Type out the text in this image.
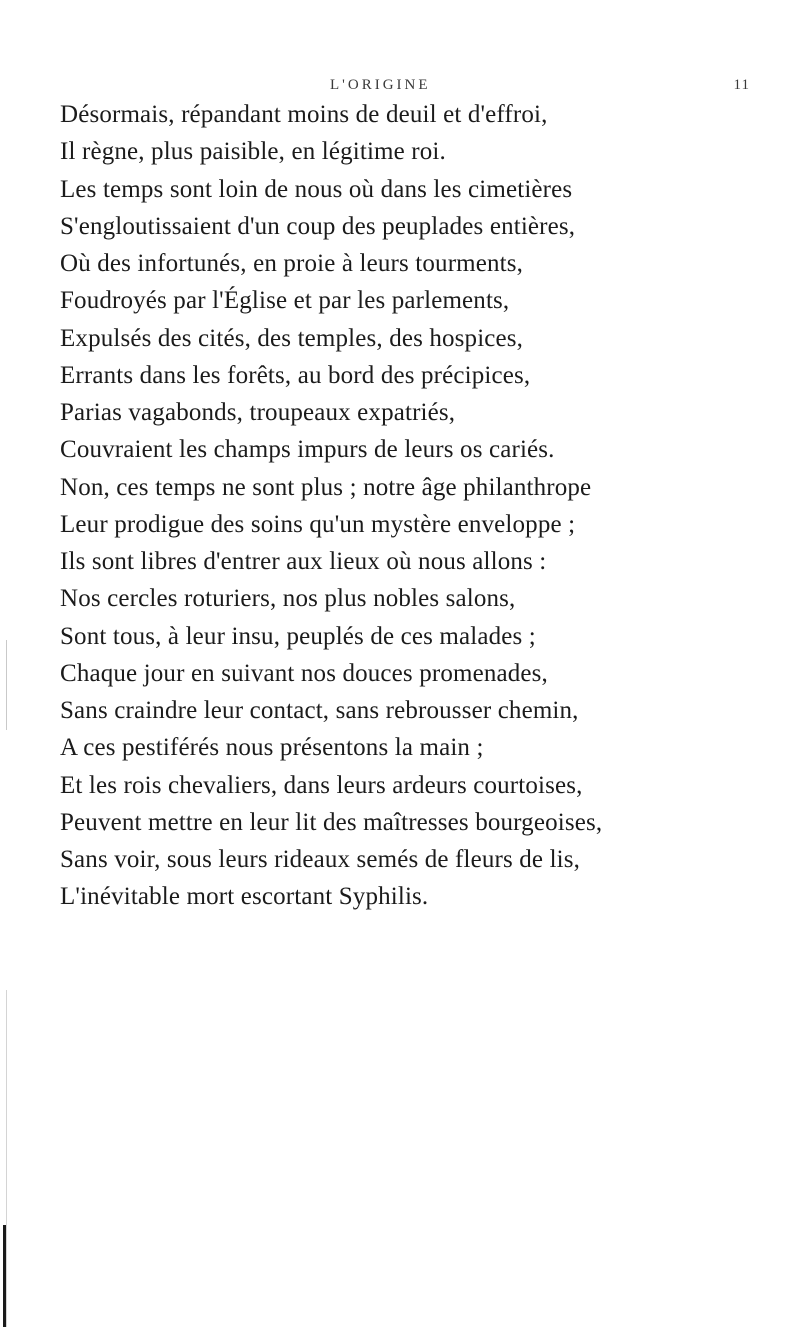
L'ORIGINE	11
Désormais, répandant moins de deuil et d'effroi,
Il règne, plus paisible, en légitime roi.
Les temps sont loin de nous où dans les cimetières
S'engloutissaient d'un coup des peuplades entières,
Où des infortunés, en proie à leurs tourments,
Foudroyés par l'Église et par les parlements,
Expulsés des cités, des temples, des hospices,
Errants dans les forêts, au bord des précipices,
Parias vagabonds, troupeaux expatriés,
Couvraient les champs impurs de leurs os cariés.
Non, ces temps ne sont plus ; notre âge philanthrope
Leur prodigue des soins qu'un mystère enveloppe ;
Ils sont libres d'entrer aux lieux où nous allons :
Nos cercles roturiers, nos plus nobles salons,
Sont tous, à leur insu, peuplés de ces malades ;
Chaque jour en suivant nos douces promenades,
Sans craindre leur contact, sans rebrousser chemin,
A ces pestiférés nous présentons la main ;
Et les rois chevaliers, dans leurs ardeurs courtoises,
Peuvent mettre en leur lit des maîtresses bourgeoises,
Sans voir, sous leurs rideaux semés de fleurs de lis,
L'inévitable mort escortant Syphilis.
